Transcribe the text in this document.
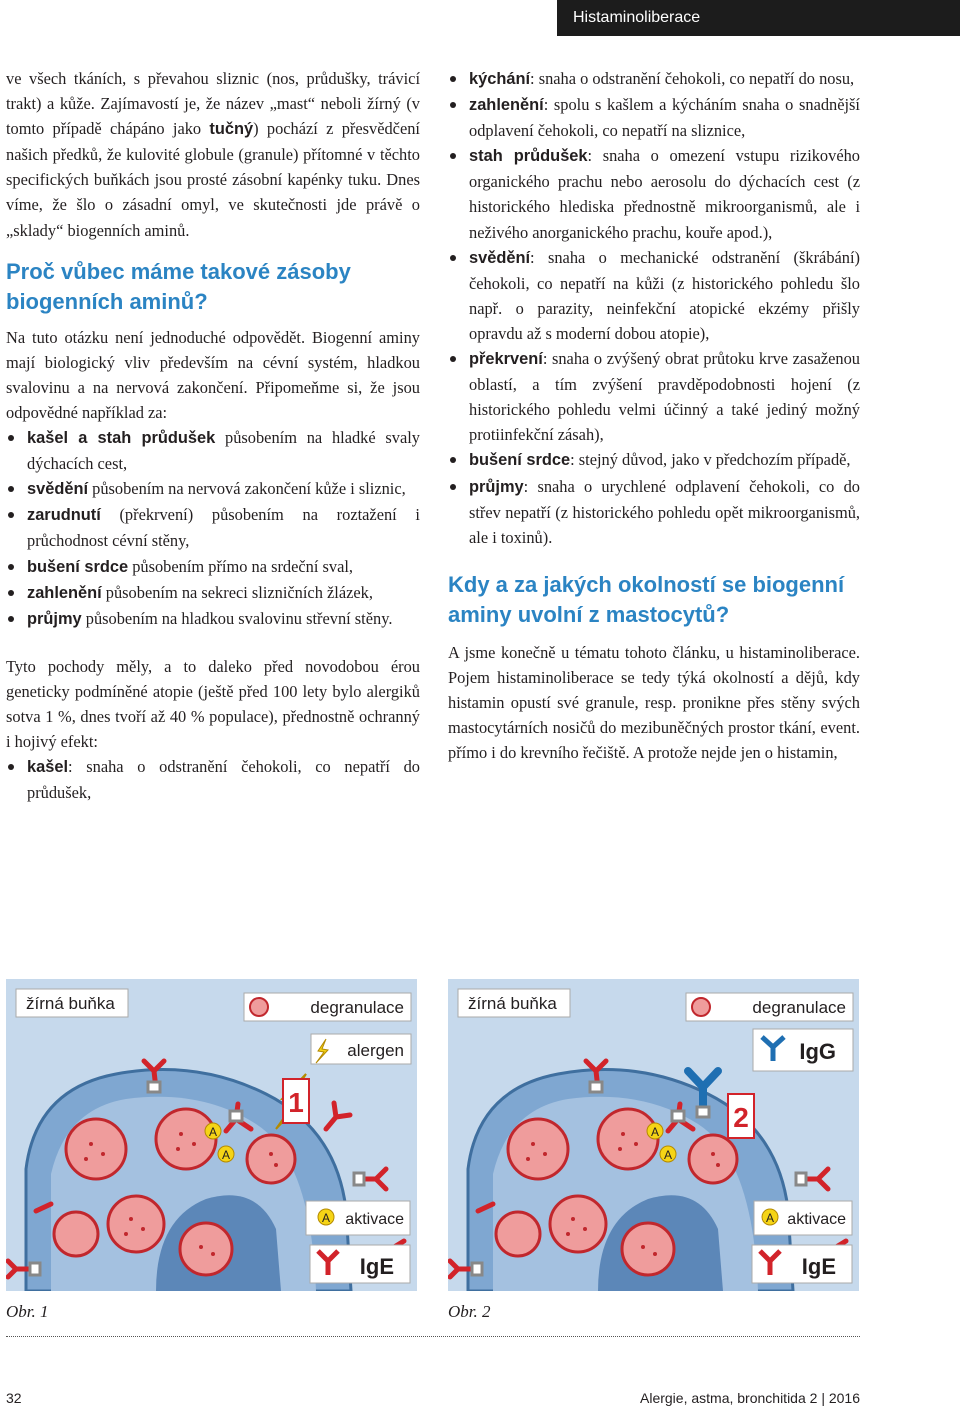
Histaminoliberace

ve všech tkáních, s převahou sliznic (nos, průdušky, trávicí trakt) a kůže. Zajímavostí je, že název „mast“ neboli žírný (v tomto případě chápáno jako tučný) pochází z přesvědčení našich předků, že kulovité globule (granule) přítomné v těchto specifických buňkách jsou prosté zásobní kapénky tuku. Dnes víme, že šlo o zásadní omyl, ve skutečnosti jde právě o „sklady“ biogenních aminů.

Proč vůbec máme takové zásoby biogenních aminů?

Na tuto otázku není jednoduché odpovědět. Biogenní aminy mají biologický vliv především na cévní systém, hladkou svalovinu a na nervová zakončení. Připomeňme si, že jsou odpovědné například za:

kašel a stah průdušek působením na hladké svaly dýchacích cest,
svědění působením na nervová zakončení kůže i sliznic,
zarudnutí (překrvení) působením na roztažení i průchodnost cévní stěny,
bušení srdce působením přímo na srdeční sval,
zahlenění působením na sekreci slizničních žlázek,
průjmy působením na hladkou svalovinu střevní stěny.

Tyto pochody měly, a to daleko před novodobou érou geneticky podmíněné atopie (ještě před 100 lety bylo alergiků sotva 1 %, dnes tvoří až 40 % populace), přednostně ochranný i hojivý efekt:

kašel: snaha o odstranění čehokoli, co nepatří do průdušek,
kýchání: snaha o odstranění čehokoli, co nepatří do nosu,
zahlenění: spolu s kašlem a kýcháním snaha o snadnější odplavení čehokoli, co nepatří na sliznice,
stah průdušek: snaha o omezení vstupu rizikového organického prachu nebo aerosolu do dýchacích cest (z historického hlediska přednostně mikroorganismů, ale i neživého anorganického prachu, kouře apod.),
svědění: snaha o mechanické odstranění (škrábání) čehokoli, co nepatří na kůži (z historického pohledu šlo např. o parazity, neinfekční atopické ekzémy přišly opravdu až s moderní dobou atopie),
překrvení: snaha o zvýšený obrat průtoku krve zasaženou oblastí, a tím zvýšení pravděpodobnosti hojení (z historického pohledu velmi účinný a také jediný možný protiinfekční zásah),
bušení srdce: stejný důvod, jako v předchozím případě,
průjmy: snaha o urychlené odplavení čehokoli, co do střev nepatří (z historického pohledu opět mikroorganismů, ale i toxinů).
Kdy a za jakých okolností se biogenní aminy uvolní z mastocytů?

A jsme konečně u tématu tohoto článku, u histaminoliberace. Pojem histaminoliberace se tedy týká okolností a dějů, kdy histamin opustí své granule, resp. pronikne přes stěny svých mastocytárních nosičů do mezibuněčných prostor tkání, event. přímo i do krevního řečiště. A protože nejde jen o histamin,

A
A
1
žírná buňka	degranulace
alergen
A aktivace
IgE
A
A
2
žírná buňka	degranulace
IgG
A aktivace
IgE
Obr. 1	Obr. 2
32	Alergie, astma, bronchitida 2 | 2016
